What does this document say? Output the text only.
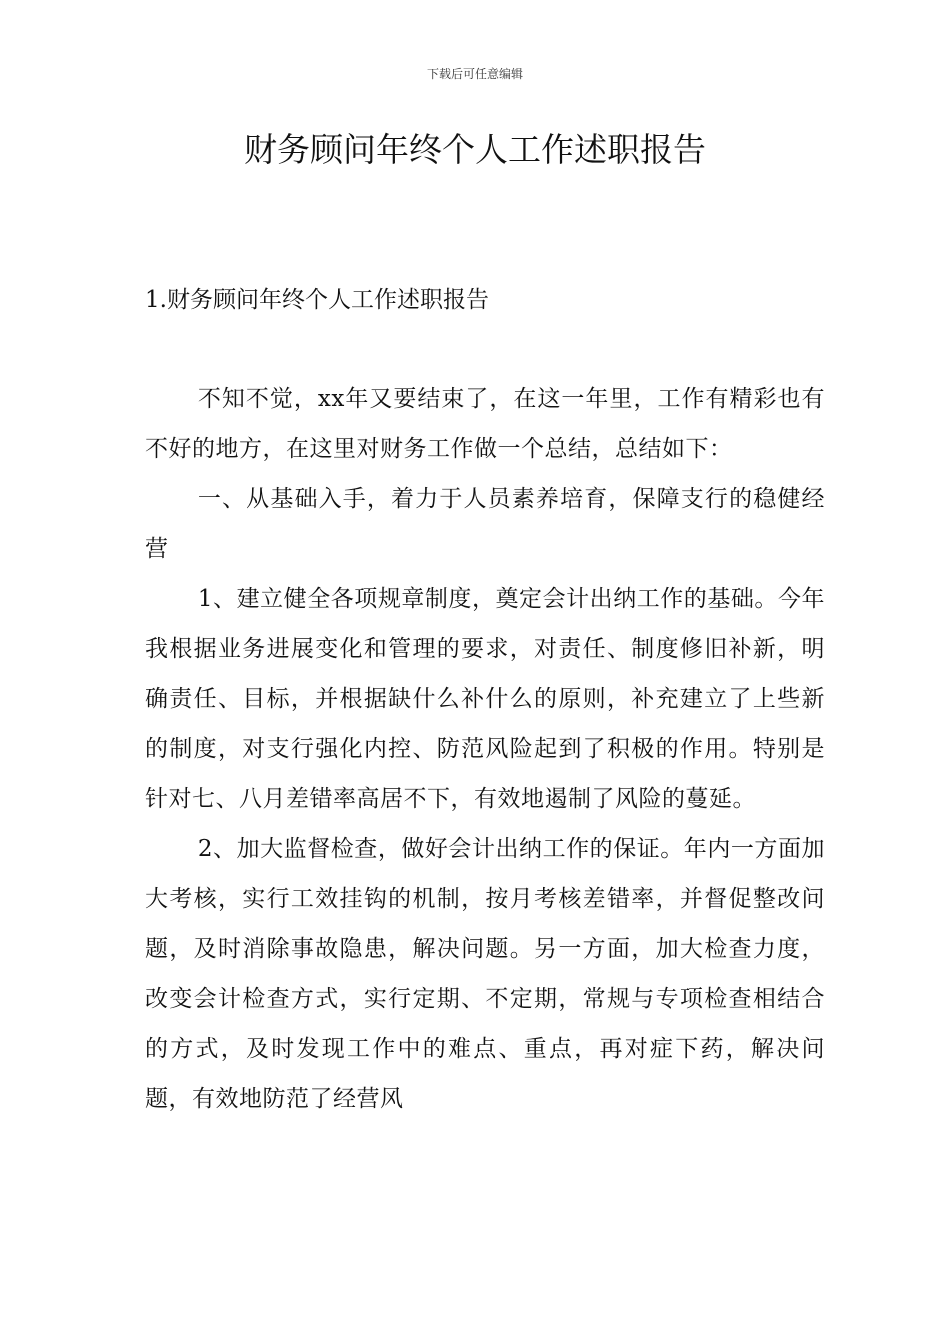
下载后可任意编辑
财务顾问年终个人工作述职报告
1.财务顾问年终个人工作述职报告

不知不觉，xx年又要结束了，在这一年里，工作有精彩也有不好的地方，在这里对财务工作做一个总结，总结如下：

一、从基础入手，着力于人员素养培育，保障支行的稳健经营

1、建立健全各项规章制度，奠定会计出纳工作的基础。今年我根据业务进展变化和管理的要求，对责任、制度修旧补新，明确责任、目标，并根据缺什么补什么的原则，补充建立了上些新的制度，对支行强化内控、防范风险起到了积极的作用。特别是针对七、八月差错率高居不下，有效地遏制了风险的蔓延。

2、加大监督检查，做好会计出纳工作的保证。年内一方面加大考核，实行工效挂钩的机制，按月考核差错率，并督促整改问题，及时消除事故隐患，解决问题。另一方面，加大检查力度，改变会计检查方式，实行定期、不定期，常规与专项检查相结合的方式，及时发现工作中的难点、重点，再对症下药，解决问题，有效地防范了经营风
